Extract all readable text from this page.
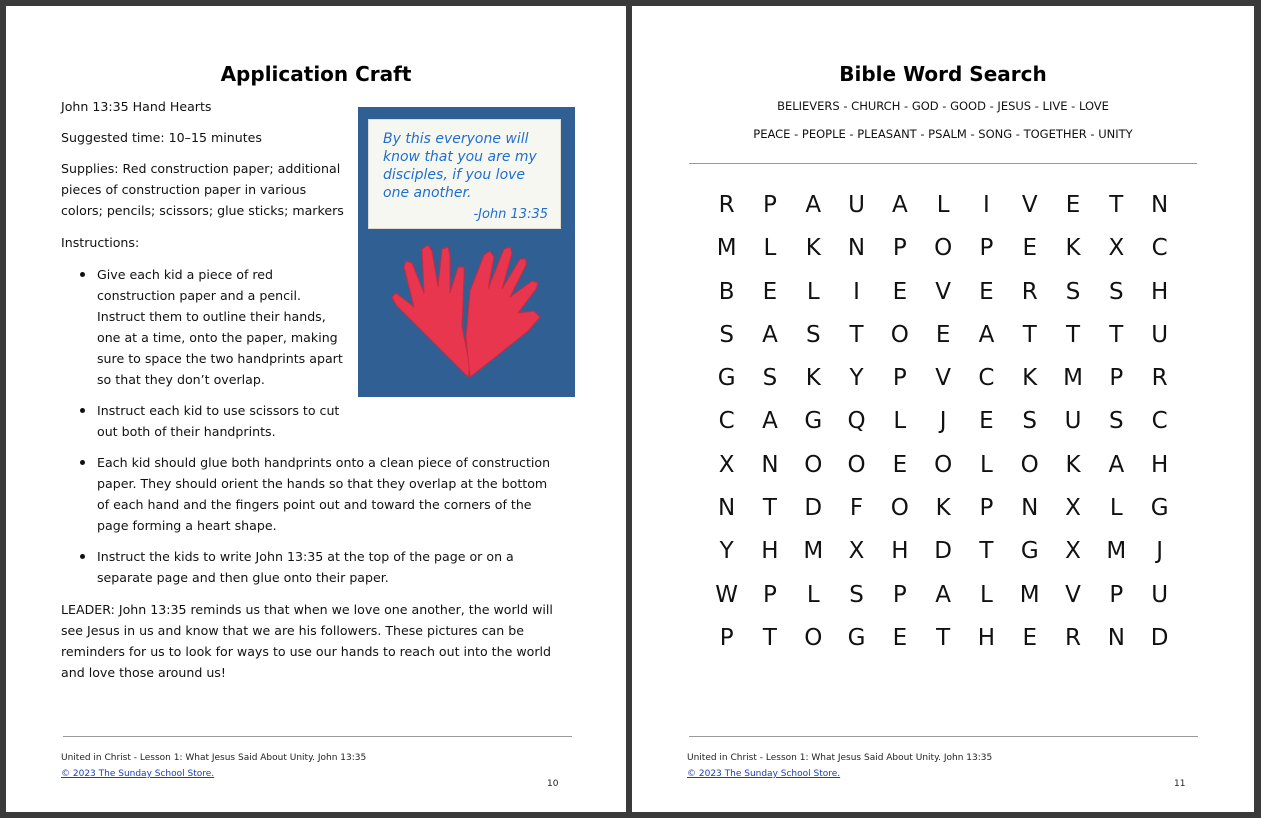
Application Craft
John 13:35 Hand Hearts
Suggested time: 10–15 minutes
Supplies: Red construction paper; additional pieces of construction paper in various colors; pencils; scissors; glue sticks; markers
Instructions:
Give each kid a piece of red construction paper and a pencil. Instruct them to outline their hands, one at a time, onto the paper, making sure to space the two handprints apart so that they don’t overlap.
Instruct each kid to use scissors to cut out both of their handprints.
Each kid should glue both handprints onto a clean piece of construction paper. They should orient the hands so that they overlap at the bottom of each hand and the fingers point out and toward the corners of the page forming a heart shape.
Instruct the kids to write John 13:35 at the top of the page or on a separate page and then glue onto their paper.
LEADER: John 13:35 reminds us that when we love one another, the world will see Jesus in us and know that we are his followers. These pictures can be reminders for us to look for ways to use our hands to reach out into the world and love those around us!
By this everyone will know that you are my disciples, if you love one another.
-John 13:35
United in Christ - Lesson 1: What Jesus Said About Unity. John 13:35
© 2023 The Sunday School Store.
10
Bible Word Search
BELIEVERS - CHURCH - GOD - GOOD - JESUS - LIVE - LOVE
PEACE - PEOPLE - PLEASANT - PSALM - SONG - TOGETHER - UNITY
R	P	A	U	A	L	I	V	E	T	N
M	L	K	N	P	O	P	E	K	X	C
B	E	L	I	E	V	E	R	S	S	H
S	A	S	T	O	E	A	T	T	T	U
G	S	K	Y	P	V	C	K	M	P	R
C	A	G	Q	L	J	E	S	U	S	C
X	N	O	O	E	O	L	O	K	A	H
N	T	D	F	O	K	P	N	X	L	G
Y	H	M	X	H	D	T	G	X	M	J
W	P	L	S	P	A	L	M	V	P	U
P	T	O	G	E	T	H	E	R	N	D
United in Christ - Lesson 1: What Jesus Said About Unity. John 13:35
© 2023 The Sunday School Store.
11
